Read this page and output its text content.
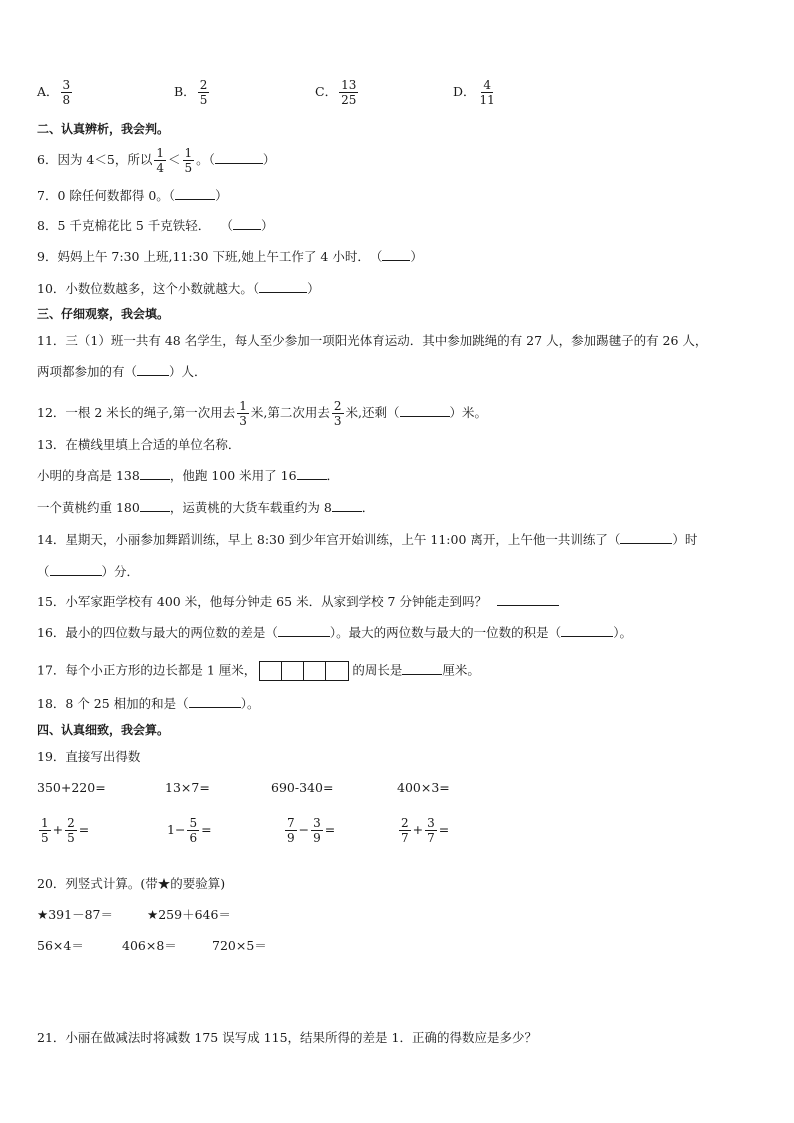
A． $\frac{3}{8}$	B． $\frac{2}{5}$	C． $\frac{13}{25}$	D． $\frac{4}{11}$
二、认真辨析，我会判。
6．因为 4＜5，所以 $\frac{1}{4} < \frac{1}{5}$ 。（	）
7．0 除任何数都得 0。（	）
8．5 千克棉花比 5 千克铁轻．　 （ ）
9．妈妈上午 7:30 上班,11:30 下班,她上午工作了 4 小时．　（ ）
10．小数位数越多，这个小数就越大。（	）
三、仔细观察，我会填。
11．三（1）班一共有 48 名学生，每人至少参加一项阳光体育运动．其中参加跳绳的有 27 人，参加踢毽子的有 26 人，
两项都参加的有（	）人．
12．一根 2 米长的绳子,第一次用去 $\frac{1}{3}$ 米,第二次用去 $\frac{2}{3}$ 米,还剩（	）米。
13．在横线里填上合适的单位名称．
小明的身高是 138 ，他跑 100 米用了 16 ．
一个黄桃约重 180 ，运黄桃的大货车载重约为 8 ．
14．星期天，小丽参加舞蹈训练，早上 8:30 到少年宫开始训练，上午 11:00 离开，上午他一共训练了（	）时
（	）分．
15．小军家距学校有 400 米，他每分钟走 65 米．从家到学校 7 分钟能走到吗？
16．最小的四位数与最大的两位数的差是（	）。最大的两位数与最大的一位数的积是（	）。
17．每个小正方形的边长都是 1 厘米，	的周长是	厘米。
18．8 个 25 相加的和是（	）。
四、认真细致，我会算。
19．直接写出得数
350+220=	13×7=	690-340=	400×3=
$\frac{1}{5} + \frac{2}{5}$ =	$1- \frac{5}{6}$ =	$\frac{7}{9} - \frac{3}{9}$ =	$\frac{2}{7} + \frac{3}{7}$ =
20．列竖式计算。(带★的要验算)
★391－87＝	★259＋646＝
56×4＝	406×8＝	720×5＝
21．小丽在做减法时将减数 175 误写成 115，结果所得的差是 1．正确的得数应是多少？
